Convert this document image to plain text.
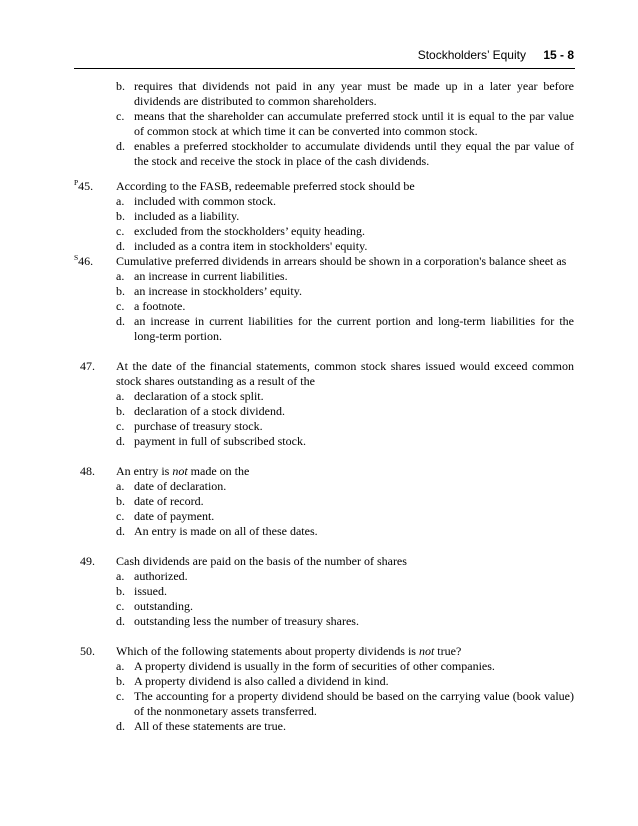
Stockholders’ Equity 15 - 8
b. requires that dividends not paid in any year must be made up in a later year before dividends are distributed to common shareholders.
c. means that the shareholder can accumulate preferred stock until it is equal to the par value of common stock at which time it can be converted into common stock.
d. enables a preferred stockholder to accumulate dividends until they equal the par value of the stock and receive the stock in place of the cash dividends.
$^P$45. According to the FASB, redeemable preferred stock should be
a. included with common stock.
b. included as a liability.
c. excluded from the stockholders’ equity heading.
d. included as a contra item in stockholders' equity.
$^S$46. Cumulative preferred dividends in arrears should be shown in a corporation's balance sheet as
a. an increase in current liabilities.
b. an increase in stockholders’ equity.
c. a footnote.
d. an increase in current liabilities for the current portion and long-term liabilities for the long-term portion.
47. At the date of the financial statements, common stock shares issued would exceed common stock shares outstanding as a result of the
a. declaration of a stock split.
b. declaration of a stock dividend.
c. purchase of treasury stock.
d. payment in full of subscribed stock.
48. An entry is not made on the
a. date of declaration.
b. date of record.
c. date of payment.
d. An entry is made on all of these dates.
49. Cash dividends are paid on the basis of the number of shares
a. authorized.
b. issued.
c. outstanding.
d. outstanding less the number of treasury shares.
50. Which of the following statements about property dividends is not true?
a. A property dividend is usually in the form of securities of other companies.
b. A property dividend is also called a dividend in kind.
c. The accounting for a property dividend should be based on the carrying value (book value) of the nonmonetary assets transferred.
d. All of these statements are true.
